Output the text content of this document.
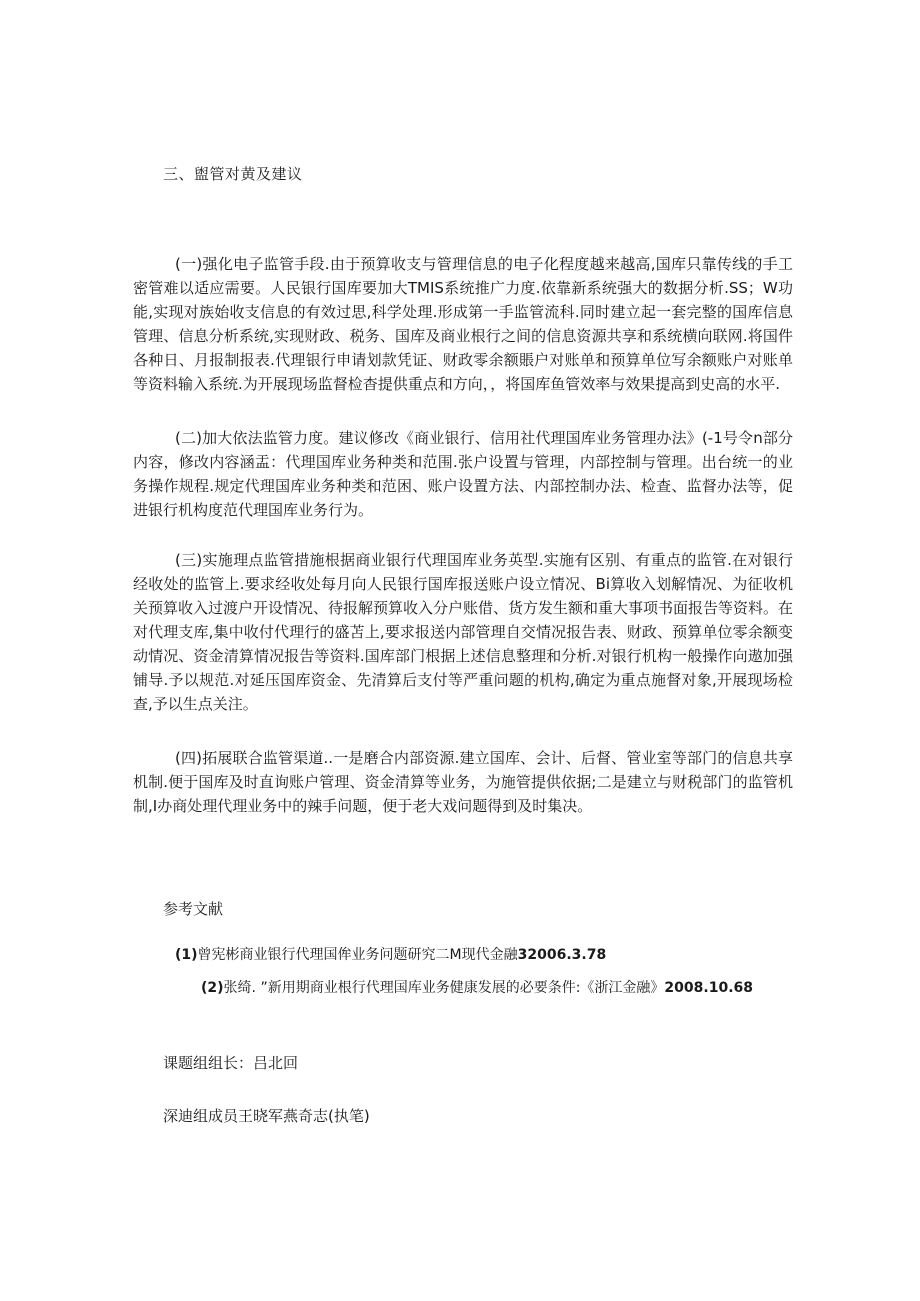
三、盥管对黄及建议

(一)强化电子监管手段.由于预算收支与管理信息的电子化程度越来越高,国库只靠传线的手工密管难以适应需要。人民银行国库要加大TMIS系统推广力度.依靠新系统强大的数据分析.SS；W功能,实现对族始收支信息的有效过思,科学处理.形成第一手监管流科.同时建立起一套完整的国库信息管理、信息分析系统,实现财政、税务、国库及商业根行之间的信息资源共享和系统横向联网.将国件各种日、月报制报表.代理银行申请划款凭证、财政零余额賬户对账单和预算单位写余额账户对账单等资料输入系统.为开展现场监督检杳提供重点和方向，，将国库鱼管效率与效果提高到史高的水平.

(二)加大依法监管力度。建议修改《商业银行、信用社代理国库业务管理办法》(-1号令n部分内容，修改内容涵盂：代理国库业务种类和范围.张户设置与管理，内部控制与管理。出台统一的业务操作规程.规定代理国库业务种类和范困、账户设置方法、内部控制办法、检查、监督办法等，促进银行机构度范代理国库业务行为。

(三)实施理点监管措施根据商业银行代理国库业务英型.实施有区别、有重点的监管.在对银行经收处的监管上.要求经收处每月向人民银行国库报送账户设立情况、Bi算收入划解情况、为征收机关预算收入过渡户开设情况、待报解预算收入分户账借、货方发生额和重大事项书面报告等资料。在对代理支库,集中收付代理行的盛苫上,要求报送内部管理自交情况报告表、财政、预算单位零余额变动情况、资金清算情况报告等资料.国库部门根据上述信息整理和分析.对银行机构一般操作向遨加强铺导.予以规范.对延压国库资金、先清算后支付等严重问题的机构,确定为重点施督对象,开展现场检查,予以生点关注。

(四)拓展联合监管渠道..一是磨合内部资源.建立国库、会计、后督、管业室等部门的信息共享机制.便于国库及时直询账户管理、资金清算等业务，为施管提供依据;二是建立与财税部门的监管机制,I办商处理代理业务中的辣手问题，便于老大戏问题得到及时集决。

参考文献
(1)曾宪彬商业银行代理国侔业务问题研究二M现代金融32006.3.78

(2)张绮. ”新用期商业根行代理国库业务健康发展的必要条件:《浙江金融》2008.10.68

课题组组长：吕北回
深迪组成员王晓军燕奇志(执笔)
